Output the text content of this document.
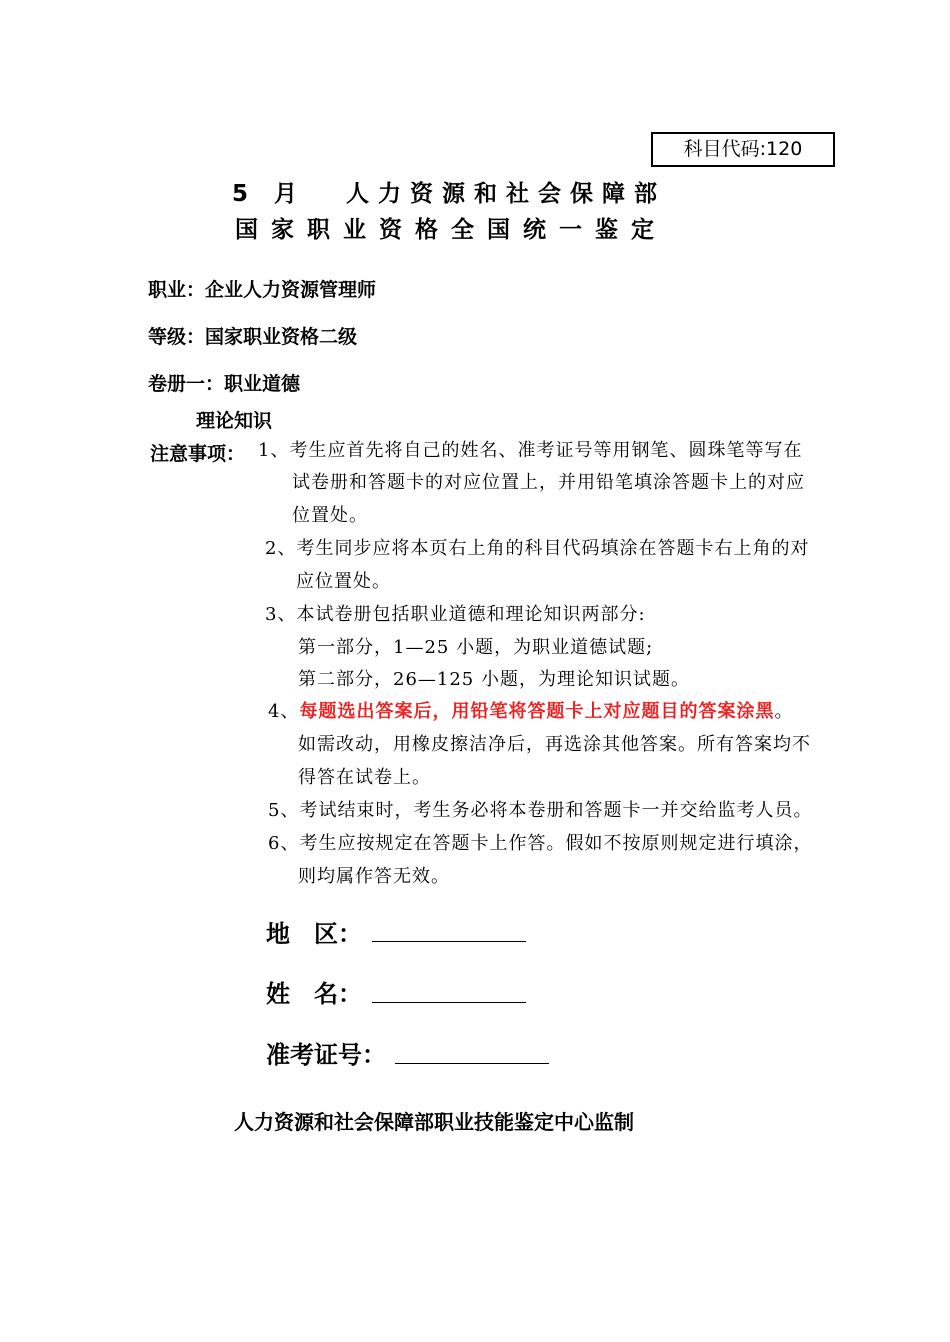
科目代码:120
5 月 人力资源和社会保障部
国家职业资格全国统一鉴定
职业：企业人力资源管理师
等级：国家职业资格二级
卷册一：职业道德
理论知识
注意事项： 1、考生应首先将自己的姓名、准考证号等用钢笔、圆珠笔等写在
试卷册和答题卡的对应位置上，并用铅笔填涂答题卡上的对应
位置处。
2、考生同步应将本页右上角的科目代码填涂在答题卡右上角的对
应位置处。
3、本试卷册包括职业道德和理论知识两部分:
第一部分，1—25 小题，为职业道德试题;
第二部分，26—125 小题，为理论知识试题。
4、每题选出答案后，用铅笔将答题卡上对应题目的答案涂黑。
如需改动，用橡皮擦洁净后，再选涂其他答案。所有答案均不
得答在试卷上。
5、考试结束时，考生务必将本卷册和答题卡一并交给监考人员。
6、考生应按规定在答题卡上作答。假如不按原则规定进行填涂，
则均属作答无效。
地　区：
姓　名：
准考证号：
人力资源和社会保障部职业技能鉴定中心监制
